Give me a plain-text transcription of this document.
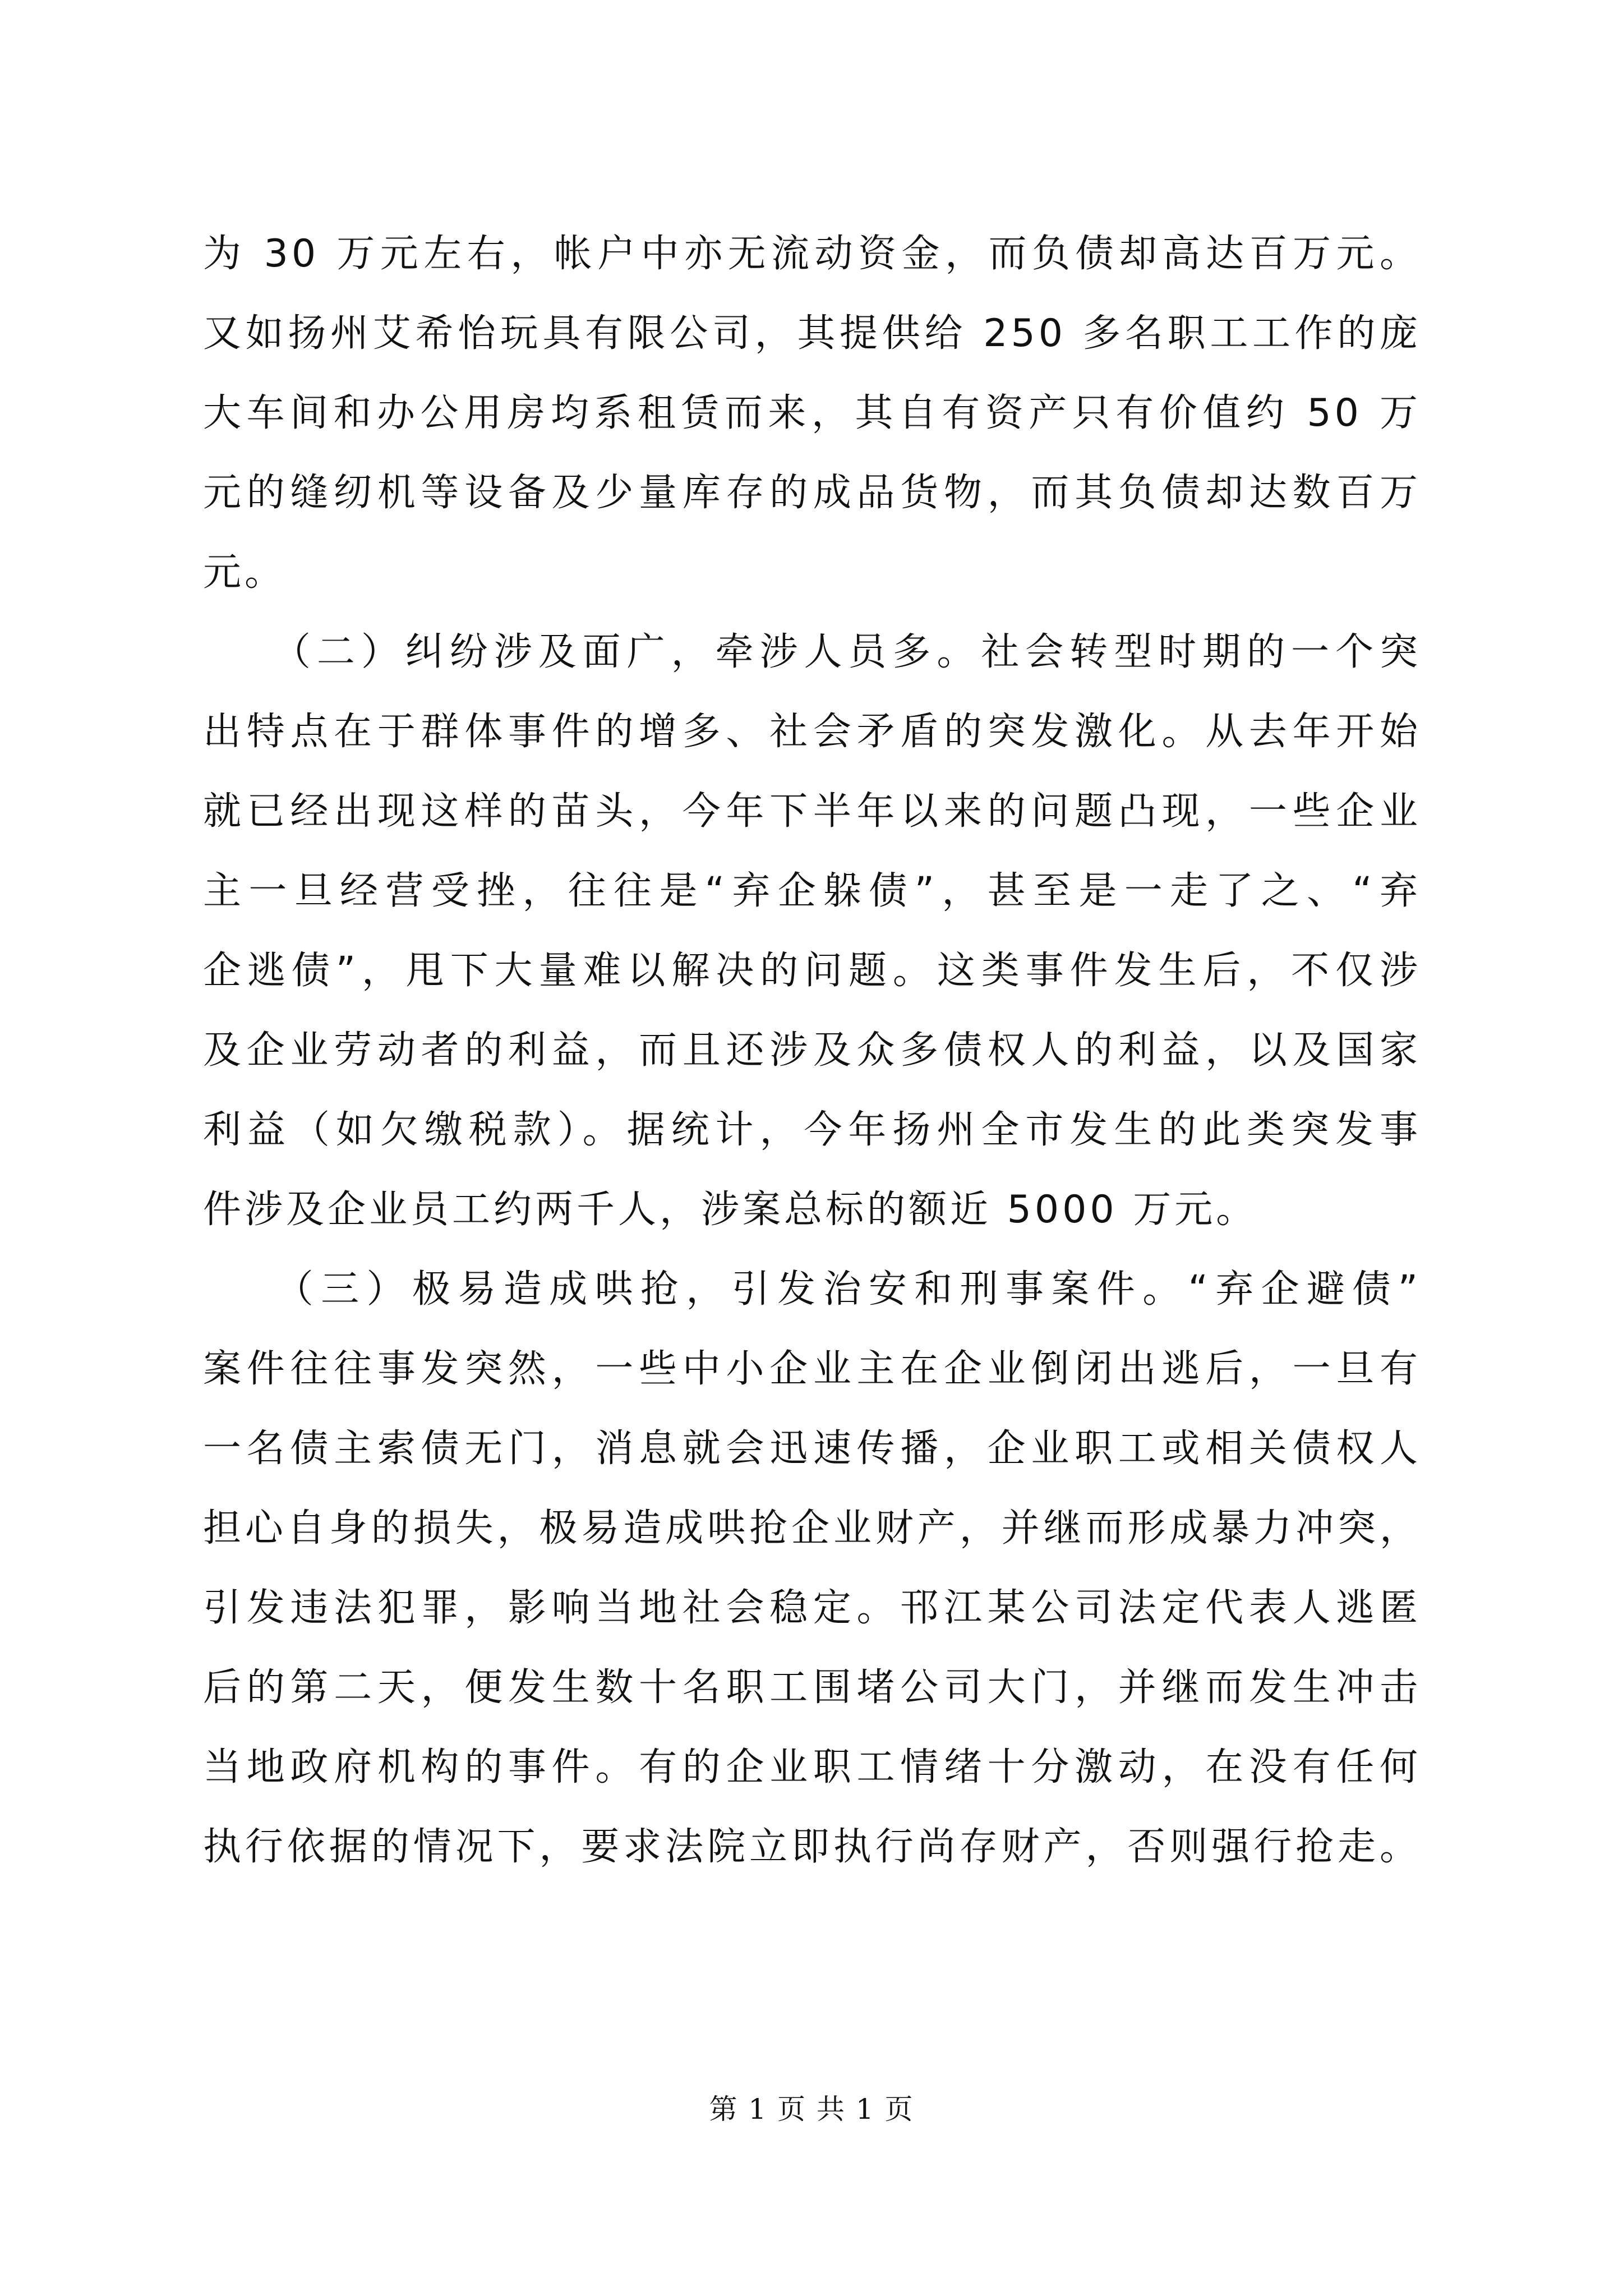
为 30 万元左右，帐户中亦无流动资金，而负债却高达百万元。
又如扬州艾希怡玩具有限公司，其提供给 250 多名职工工作的庞
大车间和办公用房均系租赁而来，其自有资产只有价值约 50 万
元的缝纫机等设备及少量库存的成品货物，而其负债却达数百万
元。
　　（二）纠纷涉及面广，牵涉人员多。社会转型时期的一个突
出特点在于群体事件的增多、社会矛盾的突发激化。从去年开始
就已经出现这样的苗头，今年下半年以来的问题凸现，一些企业
主一旦经营受挫，往往是“弃企躲债”，甚至是一走了之、“弃
企逃债”，甩下大量难以解决的问题。这类事件发生后，不仅涉
及企业劳动者的利益，而且还涉及众多债权人的利益，以及国家
利益（如欠缴税款）。据统计，今年扬州全市发生的此类突发事
件涉及企业员工约两千人，涉案总标的额近 5000 万元。
　　（三）极易造成哄抢，引发治安和刑事案件。“弃企避债”
案件往往事发突然，一些中小企业主在企业倒闭出逃后，一旦有
一名债主索债无门，消息就会迅速传播，企业职工或相关债权人
担心自身的损失，极易造成哄抢企业财产，并继而形成暴力冲突，
引发违法犯罪，影响当地社会稳定。邗江某公司法定代表人逃匿
后的第二天，便发生数十名职工围堵公司大门，并继而发生冲击
当地政府机构的事件。有的企业职工情绪十分激动，在没有任何
执行依据的情况下，要求法院立即执行尚存财产，否则强行抢走。
第 1 页 共 1 页
